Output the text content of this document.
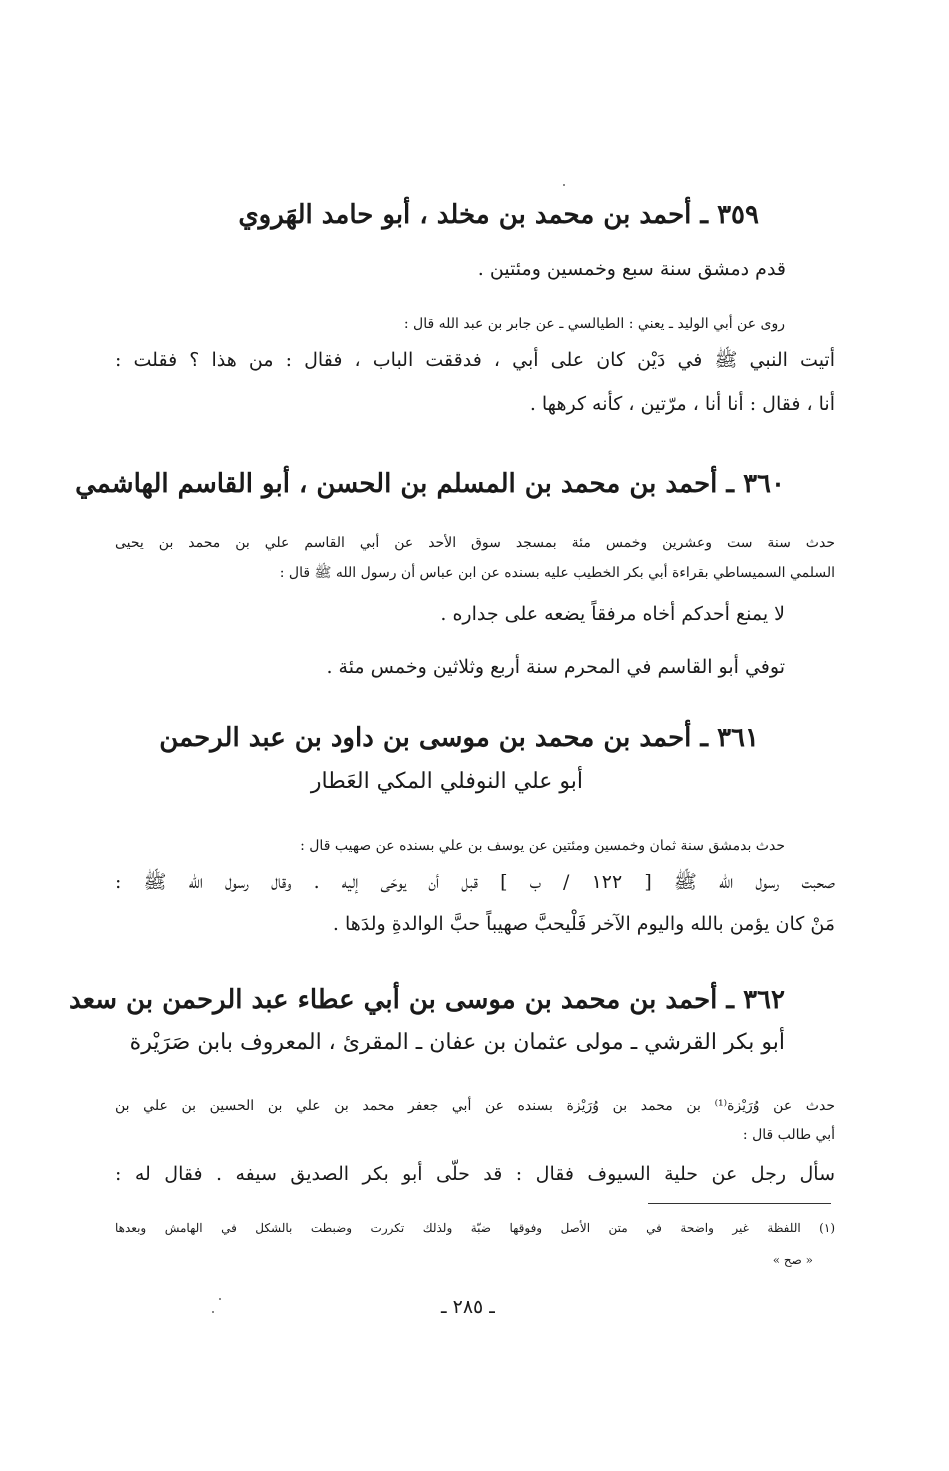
٣٥٩ ـ أحمد بن محمد بن مخلد ، أبو حامد الهَروي

قدم دمشق سنة سبع وخمسين ومئتين .

روى عن أبي الوليد ـ يعني : الطيالسي ـ عن جابر بن عبد الله قال :

أتيت النبي ﷺ في دَيْن كان على أبي ، فدققت الباب ، فقال : من هذا ؟ فقلت :

أنا ، فقال : أنا أنا ، مرّتين ، كأنه كرهها .

٣٦٠ ـ أحمد بن محمد بن المسلم بن الحسن ، أبو القاسم الهاشمي

حدث سنة ست وعشرين وخمس مئة بمسجد سوق الأحد عن أبي القاسم علي بن محمد بن يحيى

السلمي السميساطي بقراءة أبي بكر الخطيب عليه بسنده عن ابن عباس أن رسول الله ﷺ قال :

لا يمنع أحدكم أخاه مرفقاً يضعه على جداره .

توفي أبو القاسم في المحرم سنة أربع وثلاثين وخمس مئة .

٣٦١ ـ أحمد بن محمد بن موسى بن داود بن عبد الرحمن

أبو علي النوفلي المكي العَطار

حدث بدمشق سنة ثمان وخمسين ومئتين عن يوسف بن علي بسنده عن صهيب قال :

صحبت رسول الله ﷺ [ ١٢٢ / ب ] قبل أن يوحَى إليه . وقال رسول الله ﷺ :

مَنْ كان يؤمن بالله واليوم الآخر فَلْيحبَّ صهيباً حبَّ الوالدةِ ولدَها .

٣٦٢ ـ أحمد بن محمد بن موسى بن أبي عطاء عبد الرحمن بن سعد

أبو بكر القرشي ـ مولى عثمان بن عفان ـ المقرئ ، المعروف بابن صَرَيْرة

حدث عن وُرَيْزة⁽¹⁾ بن محمد بن وُرَيْزة بسنده عن أبي جعفر محمد بن علي بن الحسين بن علي بن

أبي طالب قال :

سأل رجل عن حلية السيوف فقال : قد حلّى أبو بكر الصديق سيفه . فقال له :

(١) اللفظة غير واضحة في متن الأصل وفوقها ضبّة ولذلك تكررت وضبطت بالشكل في الهامش وبعدها

« صح »

ـ ٢٨٥ ـ
